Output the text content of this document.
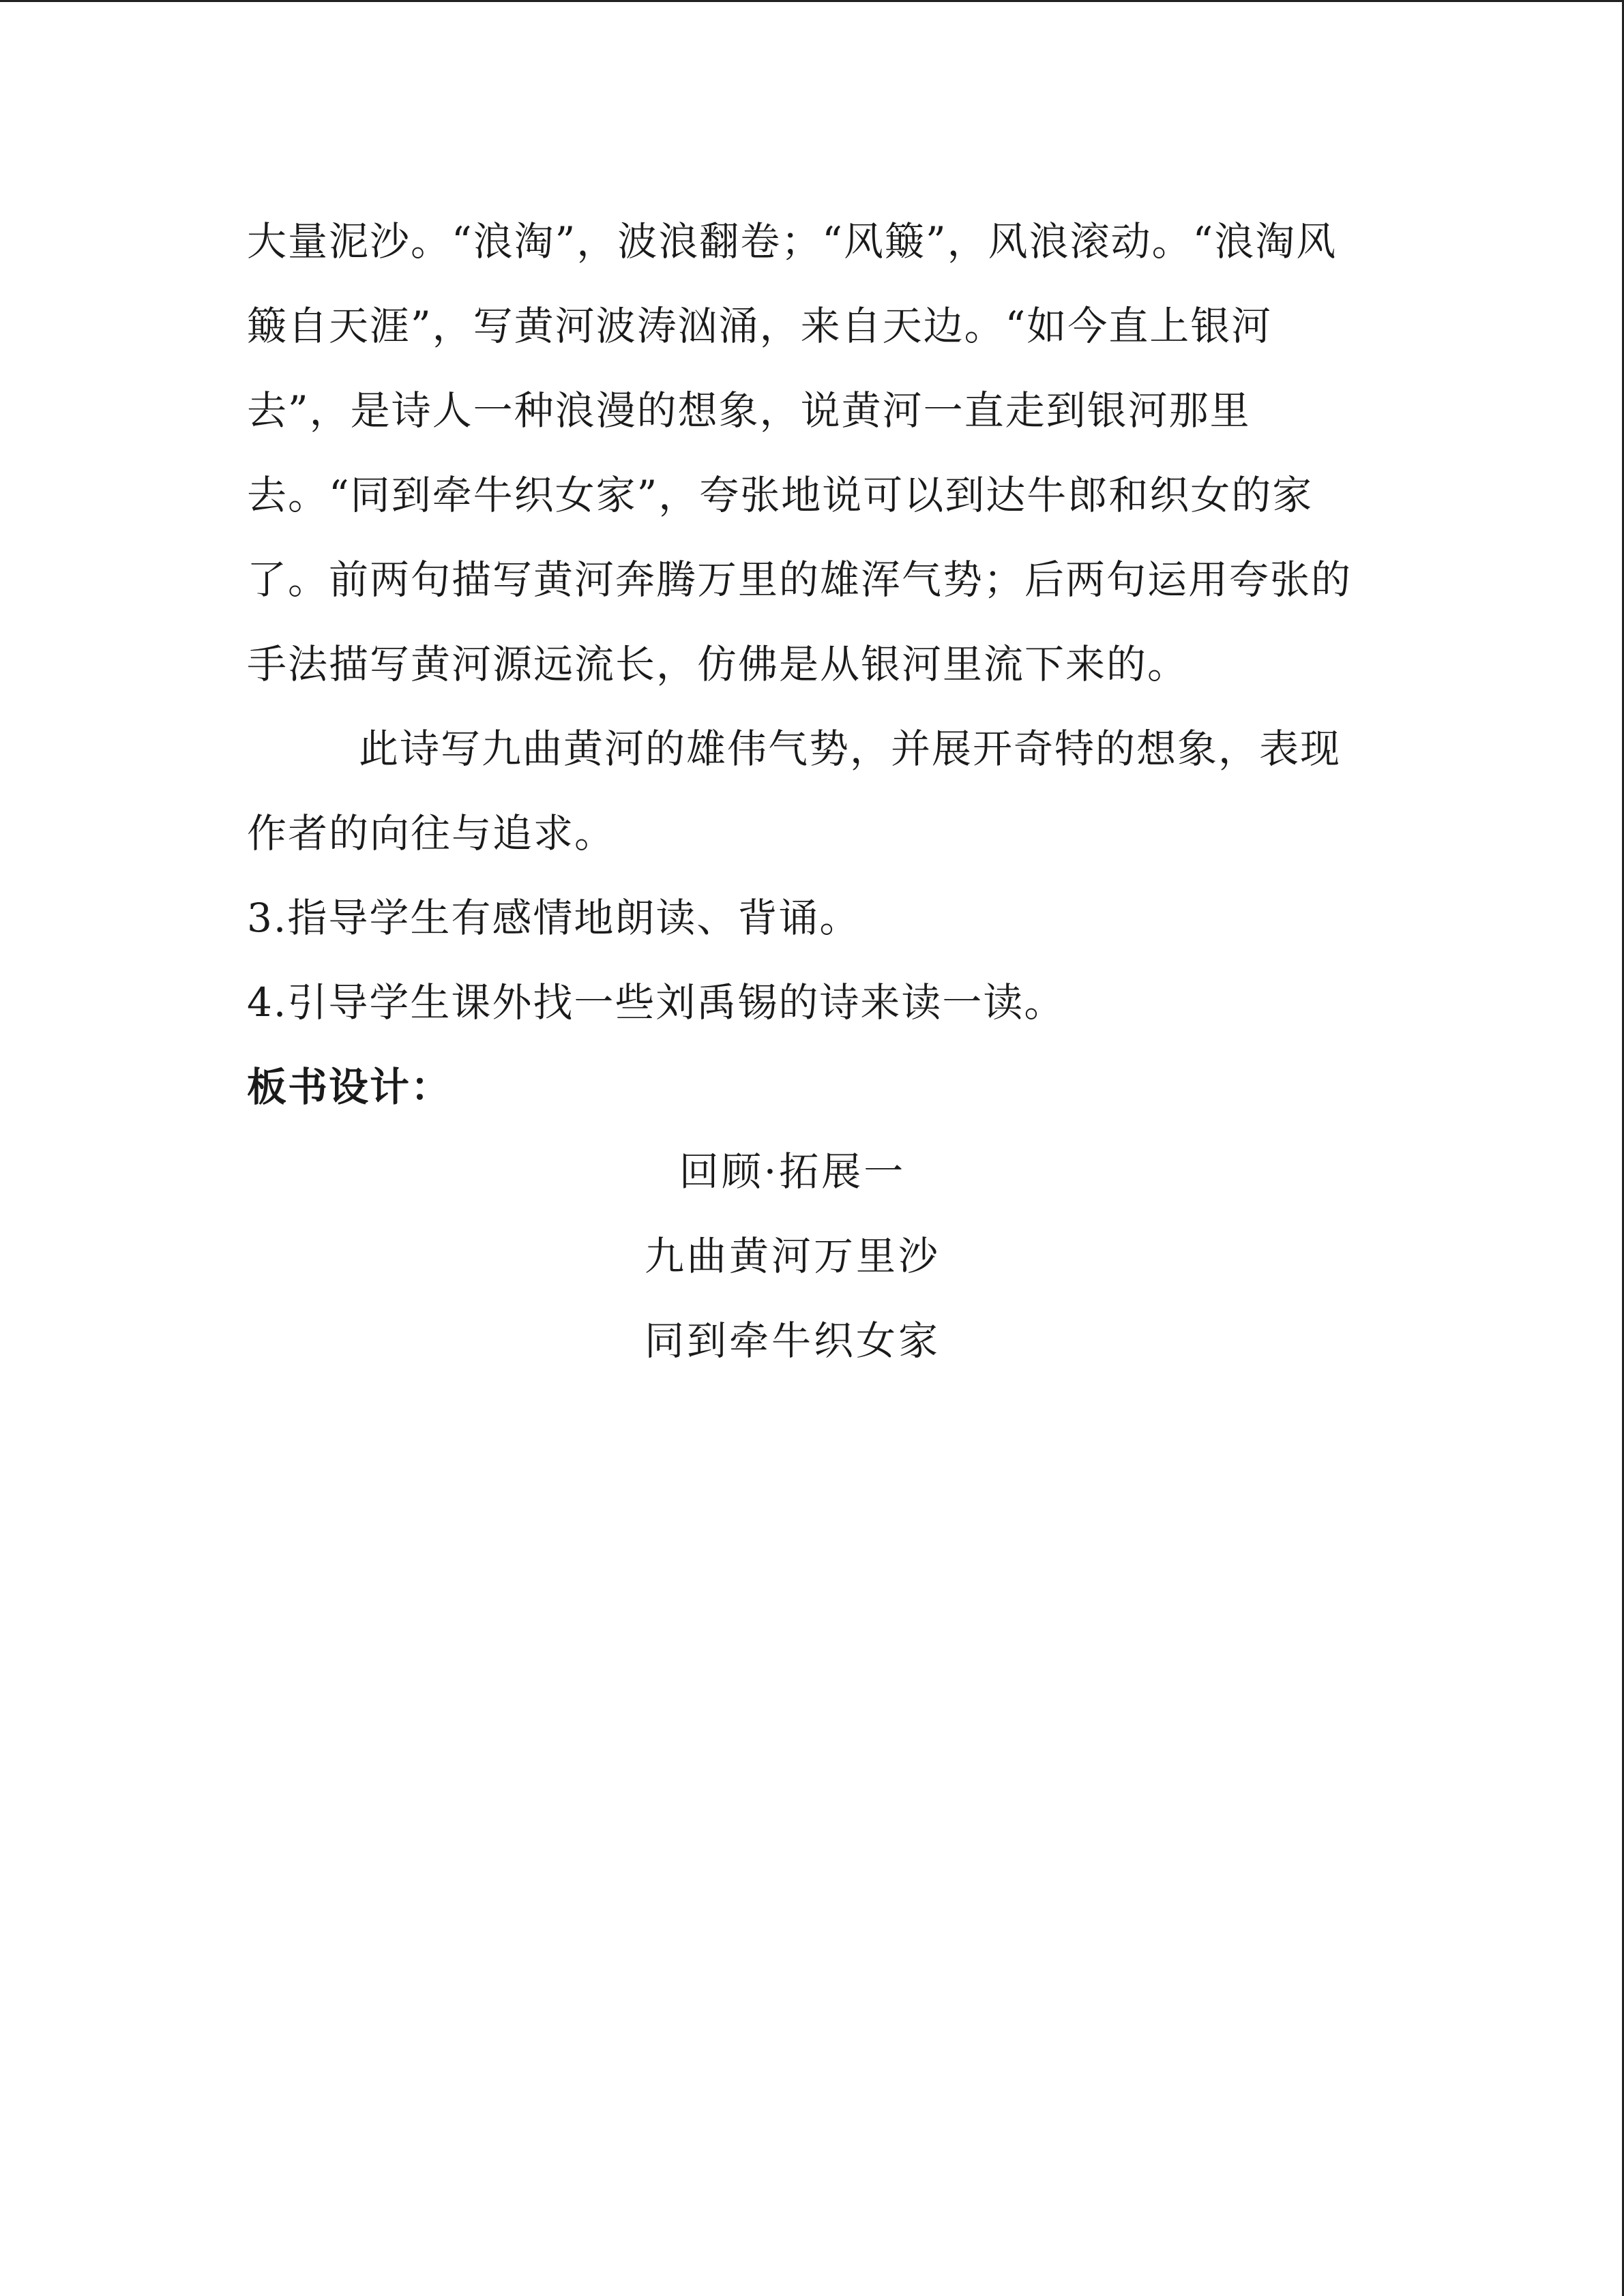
大量泥沙。“浪淘”，波浪翻卷；“风簸”，风浪滚动。“浪淘风簸自天涯”，写黄河波涛汹涌，来自天边。“如今直上银河去”，是诗人一种浪漫的想象，说黄河一直走到银河那里去。“同到牵牛织女家”，夸张地说可以到达牛郎和织女的家了。前两句描写黄河奔腾万里的雄浑气势；后两句运用夸张的手法描写黄河源远流长，仿佛是从银河里流下来的。

此诗写九曲黄河的雄伟气势，并展开奇特的想象，表现作者的向往与追求。

3.指导学生有感情地朗读、背诵。

4.引导学生课外找一些刘禹锡的诗来读一读。

板书设计：

回顾·拓展一
九曲黄河万里沙
同到牵牛织女家
